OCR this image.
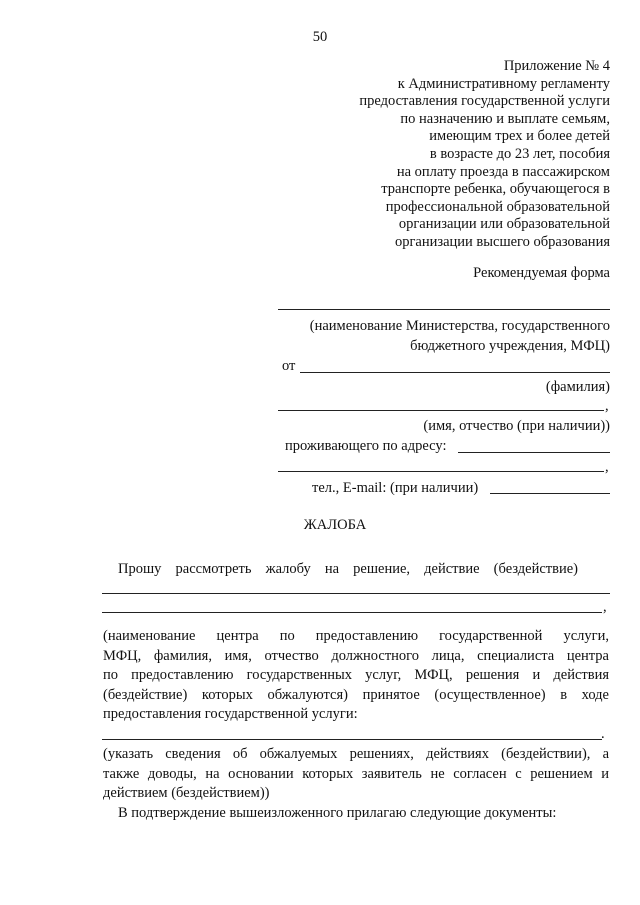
50
Приложение № 4
к Административному регламенту
предоставления государственной услуги
по назначению и выплате семьям,
имеющим трех и более детей
в возрасте до 23 лет, пособия
на оплату проезда в пассажирском
транспорте ребенка, обучающегося в
профессиональной образовательной
организации или образовательной
организации высшего образования
Рекомендуемая форма
(наименование Министерства, государственного
бюджетного учреждения, МФЦ)
от
(фамилия)
,
(имя, отчество (при наличии))
проживающего по адресу:
,
тел., E-mail: (при наличии)
ЖАЛОБА
Прошу рассмотреть жалобу на решение, действие (бездействие)
,
(наименование центра по предоставлению государственной услуги,
МФЦ, фамилия, имя, отчество должностного лица, специалиста центра
по предоставлению государственных услуг, МФЦ, решения и действия
(бездействие) которых обжалуются) принятое (осуществленное) в ходе
предоставления государственной услуги:
.
(указать сведения об обжалуемых решениях, действиях (бездействии), а
также доводы, на основании которых заявитель не согласен с решением и
действием (бездействием))
В подтверждение вышеизложенного прилагаю следующие документы:
